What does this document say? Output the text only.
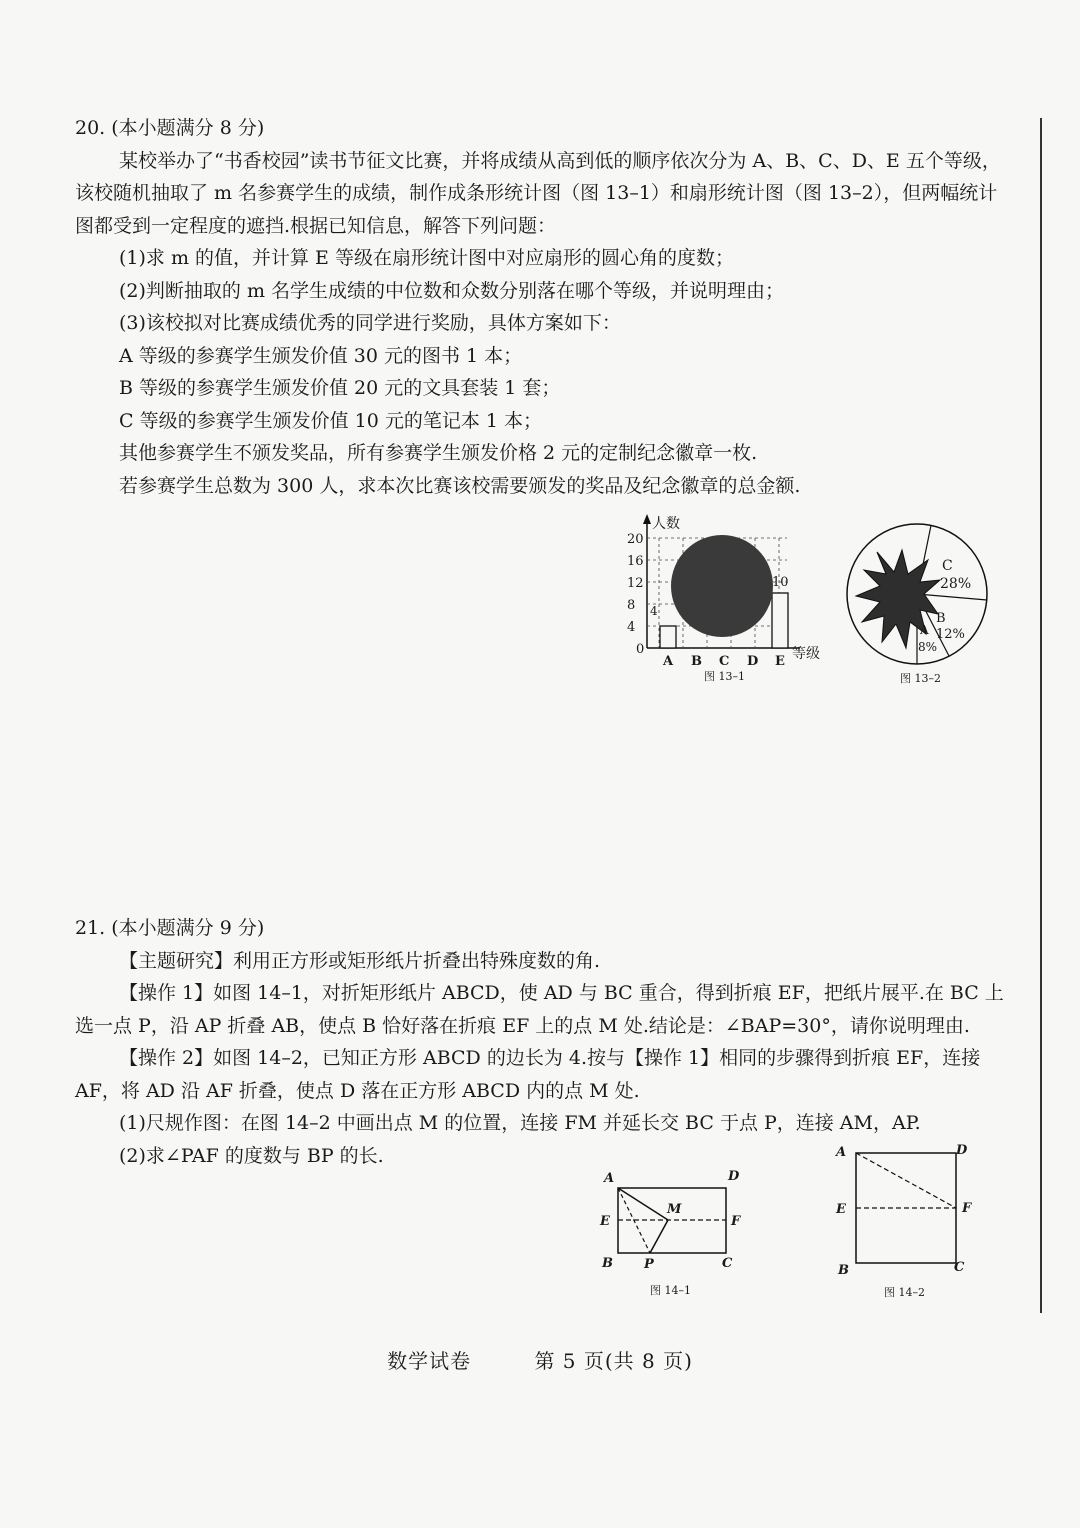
20. (本小题满分 8 分)

某校举办了“书香校园”读书节征文比赛，并将成绩从高到低的顺序依次分为 A、B、C、D、E 五个等级，该校随机抽取了 m 名参赛学生的成绩，制作成条形统计图（图 13–1）和扇形统计图（图 13–2），但两幅统计图都受到一定程度的遮挡.根据已知信息，解答下列问题：

(1)求 m 的值，并计算 E 等级在扇形统计图中对应扇形的圆心角的度数；

(2)判断抽取的 m 名学生成绩的中位数和众数分别落在哪个等级，并说明理由；

(3)该校拟对比赛成绩优秀的同学进行奖励，具体方案如下：

A 等级的参赛学生颁发价值 30 元的图书 1 本；

B 等级的参赛学生颁发价值 20 元的文具套装 1 套；

C 等级的参赛学生颁发价值 10 元的笔记本 1 本；

其他参赛学生不颁发奖品，所有参赛学生颁发价格 2 元的定制纪念徽章一枚.

若参赛学生总数为 300 人，求本次比赛该校需要颁发的奖品及纪念徽章的总金额.

人数
等级
0
4
8
12
16
20
A B C D E
4
10
图 13–1
C
28%
B
12%
A
8%
图 13–2

21. (本小题满分 9 分)

【主题研究】利用正方形或矩形纸片折叠出特殊度数的角.

【操作 1】如图 14–1，对折矩形纸片 ABCD，使 AD 与 BC 重合，得到折痕 EF，把纸片展平.在 BC 上选一点 P，沿 AP 折叠 AB，使点 B 恰好落在折痕 EF 上的点 M 处.结论是：∠BAP=30°，请你说明理由.

【操作 2】如图 14–2，已知正方形 ABCD 的边长为 4.按与【操作 1】相同的步骤得到折痕 EF，连接 AF，将 AD 沿 AF 折叠，使点 D 落在正方形 ABCD 内的点 M 处.

(1)尺规作图：在图 14–2 中画出点 M 的位置，连接 FM 并延长交 BC 于点 P，连接 AM，AP.

(2)求∠PAF 的度数与 BP 的长.

A	D
E	F
B	C
M
P
图 14–1
A	D
E	F
B	C
图 14–2
数学试卷	第 5 页(共 8 页)
